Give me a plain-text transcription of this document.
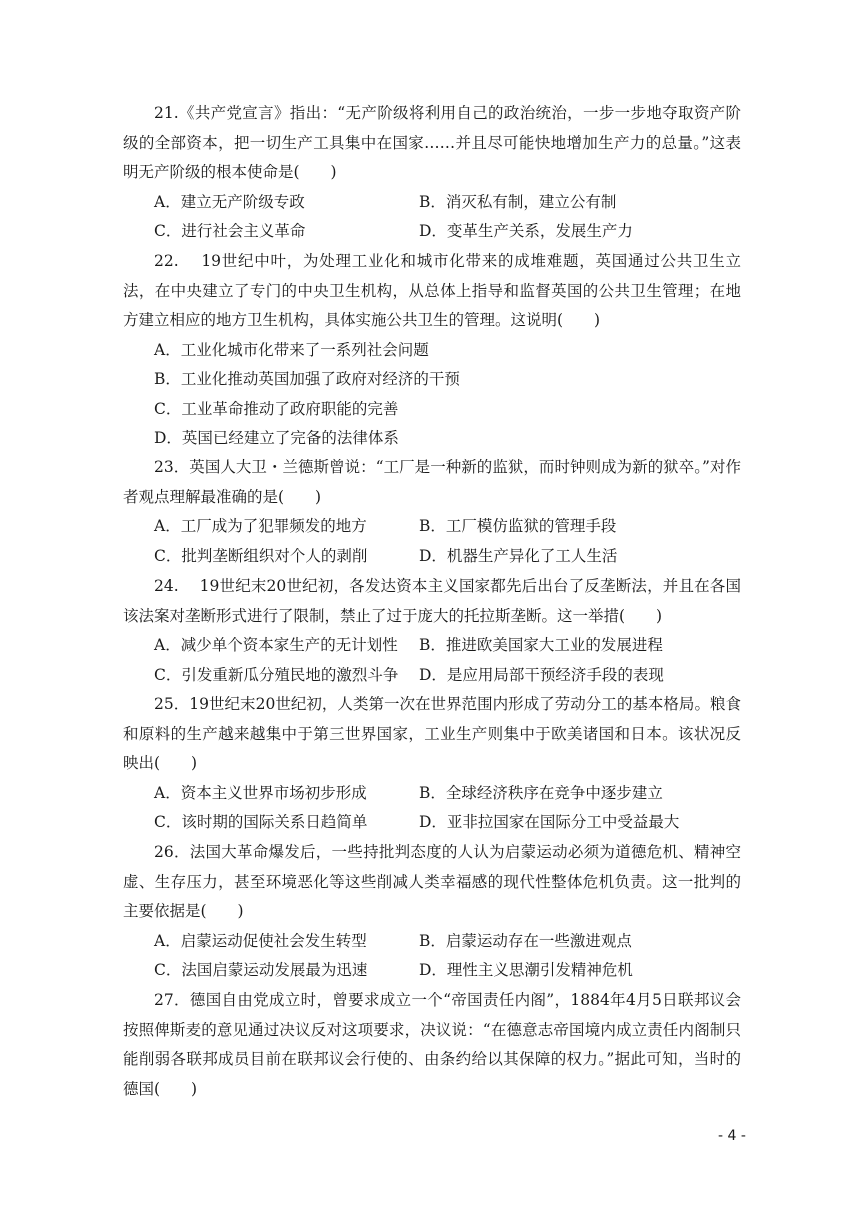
21.《共产党宣言》指出：“无产阶级将利用自己的政治统治，一步一步地夺取资产阶级的全部资本，把一切生产工具集中在国家……并且尽可能快地增加生产力的总量。”这表明无产阶级的根本使命是(　　)

A．建立无产阶级专政	B．消灭私有制，建立公有制
C．进行社会主义革命	D．变革生产关系，发展生产力

22.　 19世纪中叶，为处理工业化和城市化带来的成堆难题，英国通过公共卫生立法，在中央建立了专门的中央卫生机构，从总体上指导和监督英国的公共卫生管理；在地方建立相应的地方卫生机构，具体实施公共卫生的管理。这说明(　　)

A．工业化城市化带来了一系列社会问题

B．工业化推动英国加强了政府对经济的干预

C．工业革命推动了政府职能的完善

D．英国已经建立了完备的法律体系

23．英国人大卫・兰德斯曾说：“工厂是一种新的监狱，而时钟则成为新的狱卒。”对作者观点理解最准确的是(　　)

A．工厂成为了犯罪频发的地方	B．工厂模仿监狱的管理手段
C．批判垄断组织对个人的剥削	D．机器生产异化了工人生活

24.　 19世纪末20世纪初，各发达资本主义国家都先后出台了反垄断法，并且在各国该法案对垄断形式进行了限制，禁止了过于庞大的托拉斯垄断。这一举措(　　)

A．减少单个资本家生产的无计划性	B．推进欧美国家大工业的发展进程
C．引发重新瓜分殖民地的激烈斗争	D．是应用局部干预经济手段的表现

25．19世纪末20世纪初，人类第一次在世界范围内形成了劳动分工的基本格局。粮食和原料的生产越来越集中于第三世界国家，工业生产则集中于欧美诸国和日本。该状况反映出(　　)

A．资本主义世界市场初步形成	B．全球经济秩序在竞争中逐步建立
C．该时期的国际关系日趋简单	D．亚非拉国家在国际分工中受益最大

26．法国大革命爆发后，一些持批判态度的人认为启蒙运动必须为道德危机、精神空虚、生存压力，甚至环境恶化等这些削减人类幸福感的现代性整体危机负责。这一批判的主要依据是(　　)

A．启蒙运动促使社会发生转型	B．启蒙运动存在一些激进观点
C．法国启蒙运动发展最为迅速	D．理性主义思潮引发精神危机

27．德国自由党成立时，曾要求成立一个“帝国责任内阁”，1884年4月5日联邦议会按照俾斯麦的意见通过决议反对这项要求，决议说：“在德意志帝国境内成立责任内阁制只能削弱各联邦成员目前在联邦议会行使的、由条约给以其保障的权力。”据此可知，当时的德国(　　)

- 4 -
